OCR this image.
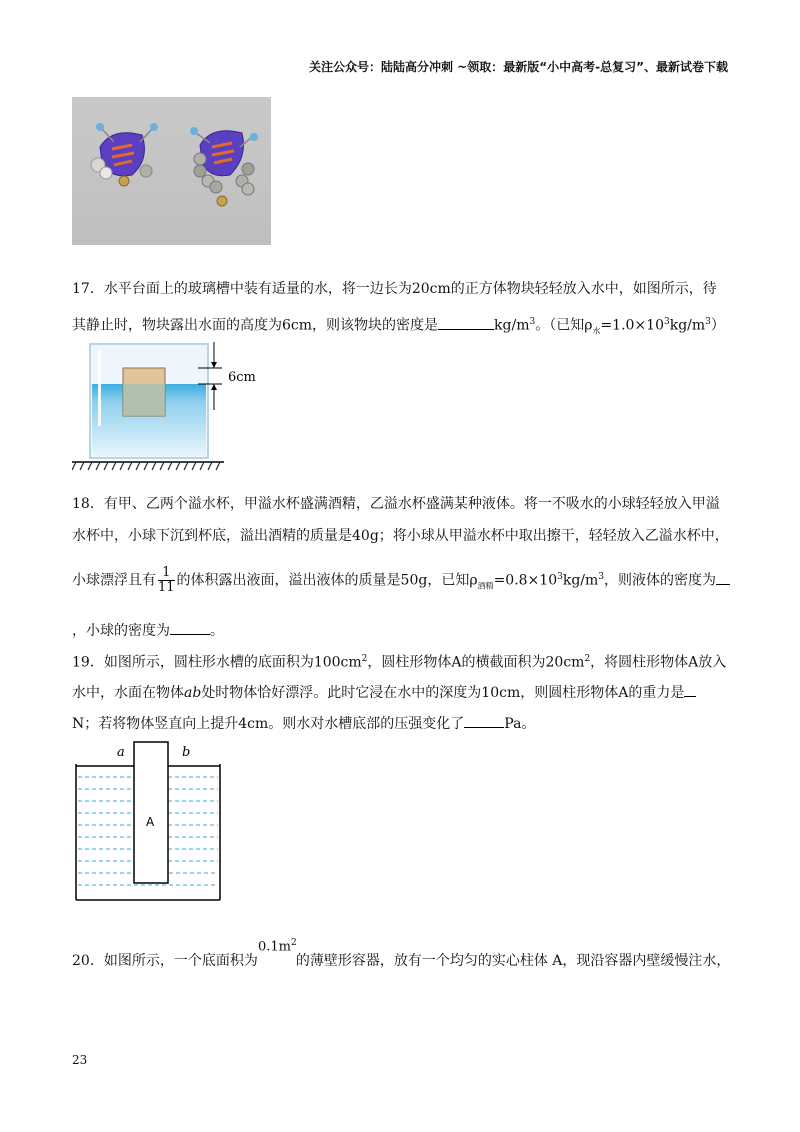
关注公众号：陆陆高分冲刺 ~领取：最新版“小中高考-总复习”、最新试卷下载
17．水平台面上的玻璃槽中装有适量的水，将一边长为20cm的正方体物块轻轻放入水中，如图所示，待
其静止时，物块露出水面的高度为6cm，则该物块的密度是	$kg/m^3$。（已知$\rho_水=1.0\times 10^3kg/m^3$）
6cm
18．有甲、乙两个溢水杯，甲溢水杯盛满酒精，乙溢水杯盛满某种液体。将一不吸水的小球轻轻放入甲溢
水杯中，小球下沉到杯底，溢出酒精的质量是40g；将小球从甲溢水杯中取出擦干，轻轻放入乙溢水杯中，
小球漂浮且有 $\frac{1}{11}$ 的体积露出液面，溢出液体的质量是50g，已知$\rho_{酒精}=0.8\times 10^3kg/m^3$，则液体的密度为
，小球的密度为	。
19．如图所示，圆柱形水槽的底面积为$100cm^2$，圆柱形物体A的横截面积为$20cm^2$，将圆柱形物体A放入
水中，水面在物体ab处时物体恰好漂浮。此时它浸在水中的深度为10cm，则圆柱形物体A的重力是
N；若将物体竖直向上提升4cm。则水对水槽底部的压强变化了	Pa。
a	b
A
$0.1m^2$
20．如图所示，一个底面积为	的薄壁形容器，放有一个均匀的实心柱体 A，现沿容器内壁缓慢注水，
23
